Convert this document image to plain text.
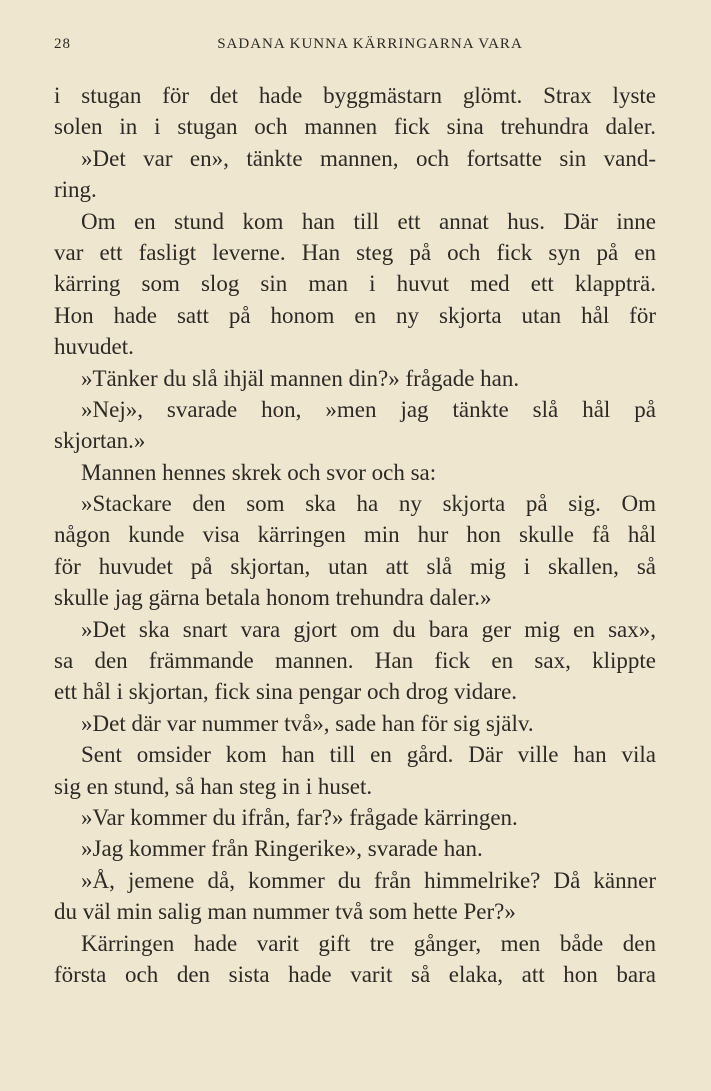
28	SADANA KUNNA KÄRRINGARNA VARA
i stugan för det hade byggmästarn glömt. Strax lyste
solen in i stugan och mannen fick sina trehundra daler.
»Det var en», tänkte mannen, och fortsatte sin vand-
ring.
Om en stund kom han till ett annat hus. Där inne
var ett fasligt leverne. Han steg på och fick syn på en
kärring som slog sin man i huvut med ett klappträ.
Hon hade satt på honom en ny skjorta utan hål för
huvudet.
»Tänker du slå ihjäl mannen din?» frågade han.
»Nej», svarade hon, »men jag tänkte slå hål på
skjortan.»
Mannen hennes skrek och svor och sa:
»Stackare den som ska ha ny skjorta på sig. Om
någon kunde visa kärringen min hur hon skulle få hål
för huvudet på skjortan, utan att slå mig i skallen, så
skulle jag gärna betala honom trehundra daler.»
»Det ska snart vara gjort om du bara ger mig en sax»,
sa den främmande mannen. Han fick en sax, klippte
ett hål i skjortan, fick sina pengar och drog vidare.
»Det där var nummer två», sade han för sig själv.
Sent omsider kom han till en gård. Där ville han vila
sig en stund, så han steg in i huset.
»Var kommer du ifrån, far?» frågade kärringen.
»Jag kommer från Ringerike», svarade han.
»Å, jemene då, kommer du från himmelrike? Då känner
du väl min salig man nummer två som hette Per?»
Kärringen hade varit gift tre gånger, men både den
första och den sista hade varit så elaka, att hon bara
